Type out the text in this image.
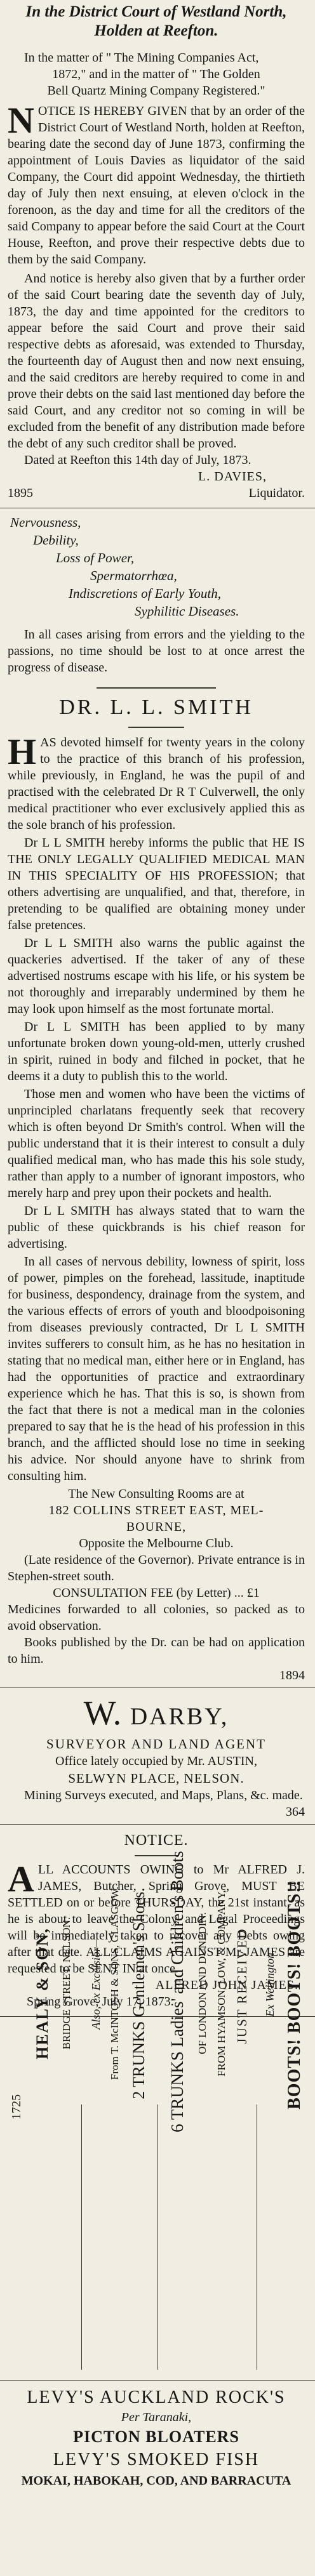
In the District Court of Westland North,

Holden at Reefton.

In the matter of " The Mining Companies Act,

1872," and in the matter of " The Golden

Bell Quartz Mining Company Registered."

NOTICE IS HEREBY GIVEN that by an order of the District Court of Westland North, holden at Reefton, bearing date the second day of June 1873, confirming the appointment of Louis Davies as liquidator of the said Company, the Court did appoint Wednesday, the thirtieth day of July then next ensuing, at eleven o'clock in the forenoon, as the day and time for all the creditors of the said Company to appear before the said Court at the Court House, Reefton, and prove their respective debts due to them by the said Company.

And notice is hereby also given that by a further order of the said Court bearing date the seventh day of July, 1873, the day and time appointed for the creditors to appear before the said Court and prove their said respective debts as aforesaid, was extended to Thursday, the fourteenth day of August then and now next ensuing, and the said creditors are hereby required to come in and prove their debts on the said last mentioned day before the said Court, and any creditor not so coming in will be excluded from the benefit of any distribution made before the debt of any such creditor shall be proved.

Dated at Reefton this 14th day of July, 1873.

L. DAVIES,

1895	Liquidator.

Nervousness,

Debility,

Loss of Power,

Spermatorrhœa,

Indiscretions of Early Youth,

Syphilitic Diseases.

In all cases arising from errors and the yielding to the passions, no time should be lost to at once arrest the progress of disease.

DR. L. L. SMITH

HAS devoted himself for twenty years in the colony to the practice of this branch of his profession, while previously, in England, he was the pupil of and practised with the celebrated Dr R T Culverwell, the only medical practitioner who ever exclusively applied this as the sole branch of his profession.

Dr L L SMITH hereby informs the public that HE IS THE ONLY LEGALLY QUALIFIED MEDICAL MAN IN THIS SPECIALITY OF HIS PROFESSION; that others advertising are unqualified, and that, therefore, in pretending to be qualified are obtaining money under false pretences.

Dr L L SMITH also warns the public against the quackeries advertised. If the taker of any of these advertised nostrums escape with his life, or his system be not thoroughly and irreparably undermined by them he may look upon himself as the most fortunate mortal.

Dr L L SMITH has been applied to by many unfortunate broken down young-old-men, utterly crushed in spirit, ruined in body and filched in pocket, that he deems it a duty to publish this to the world.

Those men and women who have been the victims of unprincipled charlatans frequently seek that recovery which is often beyond Dr Smith's control. When will the public understand that it is their interest to consult a duly qualified medical man, who has made this his sole study, rather than apply to a number of ignorant impostors, who merely harp and prey upon their pockets and health.

Dr L L SMITH has always stated that to warn the public of these quickbrands is his chief reason for advertising.

In all cases of nervous debility, lowness of spirit, loss of power, pimples on the forehead, lassitude, inaptitude for business, despondency, drainage from the system, and the various effects of errors of youth and bloodpoisoning from diseases previously contracted, Dr L L SMITH invites sufferers to consult him, as he has no hesitation in stating that no medical man, either here or in England, has had the opportunities of practice and extraordinary experience which he has. That this is so, is shown from the fact that there is not a medical man in the colonies prepared to say that he is the head of his profession in this branch, and the afflicted should lose no time in seeking his advice. Nor should anyone have to shrink from consulting him.

The New Consulting Rooms are at

182 COLLINS STREET EAST, MEL-

BOURNE,

Opposite the Melbourne Club.

(Late residence of the Governor). Private entrance is in Stephen-street south.

CONSULTATION FEE (by Letter) ... £1

Medicines forwarded to all colonies, so packed as to avoid observation.

Books published by the Dr. can be had on application to him.

1894

W. DARBY,

SURVEYOR AND LAND AGENT

Office lately occupied by Mr. AUSTIN,

SELWYN PLACE, NELSON.

Mining Surveys executed, and Maps, Plans, &c. made.

364

NOTICE.

ALL ACCOUNTS OWING to Mr ALFRED J. JAMES, Butcher, Spring Grove, MUST BE SETTLED on or before THURSDAY, the 21st instant, as he is about to leave the Colony, and Legal Proceedings will be immediately taken to recover any Debts owing after that date. ALL CLAIMS AGAINST Mr JAMES are requested to be SENT IN at once.

ALFRED JOHN JAMES.

Spring Grove, July 17, 1873.

1725
HEALY & SON, BRIDGE STREET, NELSON.	Also, ex Excelsior— From T. McINTOSH & SONS, GLASGOW. 2 TRUNKS Gentlemen's Shoes.	6 TRUNKS Ladies' and Children's Boots OF LONDON AND DUNEDIN. FROM HYAMSON, LOW, & COMPANY, JUST RECEIVED Ex Wellington. BOOTS! BOOTS! BOOTS!!

LEVY'S AUCKLAND ROCK'S

Per Taranaki,

PICTON BLOATERS

LEVY'S SMOKED FISH

MOKAI, HABOKAH, COD, AND BARRACUTA
